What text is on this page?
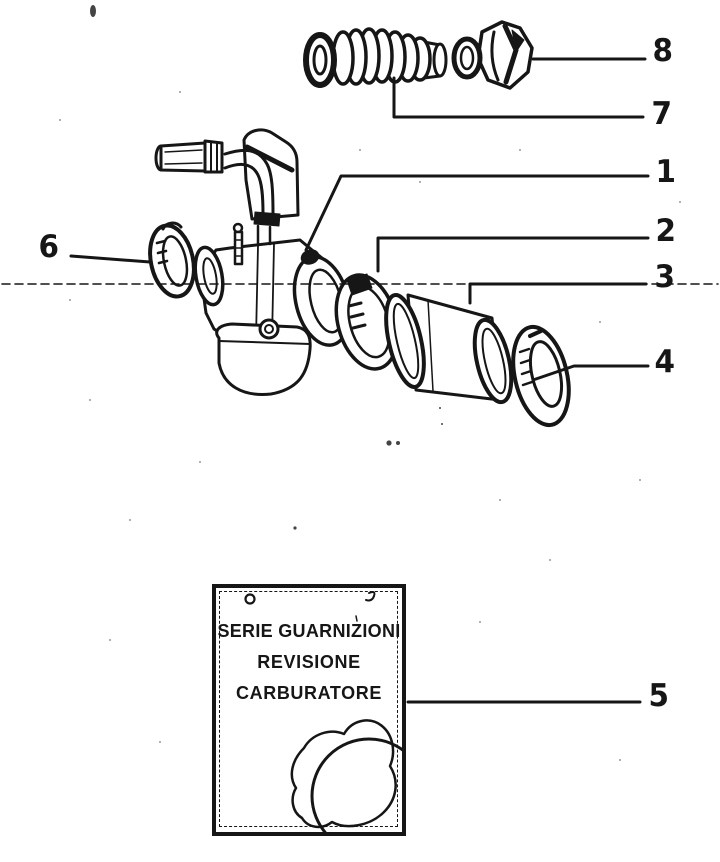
1
2
3
4
5
6
7
8
SERIE GUARNIZIONI
REVISIONE
CARBURATORE
